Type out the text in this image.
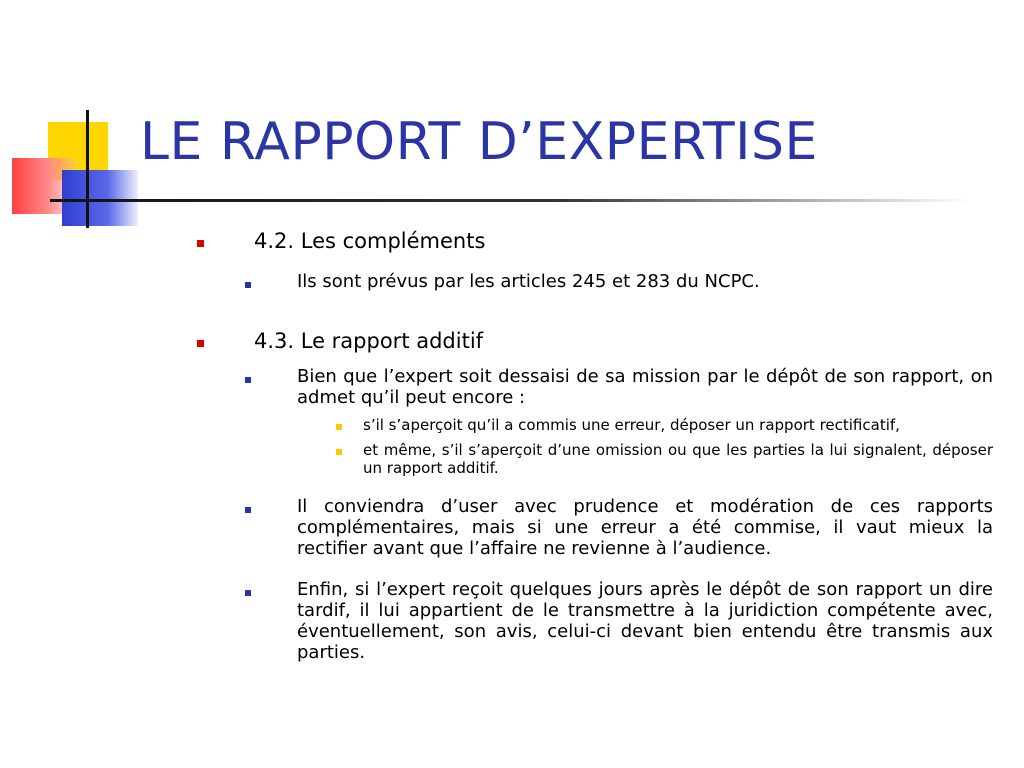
LE RAPPORT D’EXPERTISE

4.2. Les compléments

Ils sont prévus par les articles 245 et 283 du NCPC.

4.3. Le rapport additif

Bien que l’expert soit dessaisi de sa mission par le dépôt de son rapport, on admet qu’il peut encore :

s’il s’aperçoit qu’il a commis une erreur, déposer un rapport rectificatif,

et même, s’il s’aperçoit d’une omission ou que les parties la lui signalent, déposer un rapport additif.

Il conviendra d’user avec prudence et modération de ces rapports complémentaires, mais si une erreur a été commise, il vaut mieux la rectifier avant que l’affaire ne revienne à l’audience.

Enfin, si l’expert reçoit quelques jours après le dépôt de son rapport un dire tardif, il lui appartient de le transmettre à la juridiction compétente avec, éventuellement, son avis, celui-ci devant bien entendu être transmis aux parties.
